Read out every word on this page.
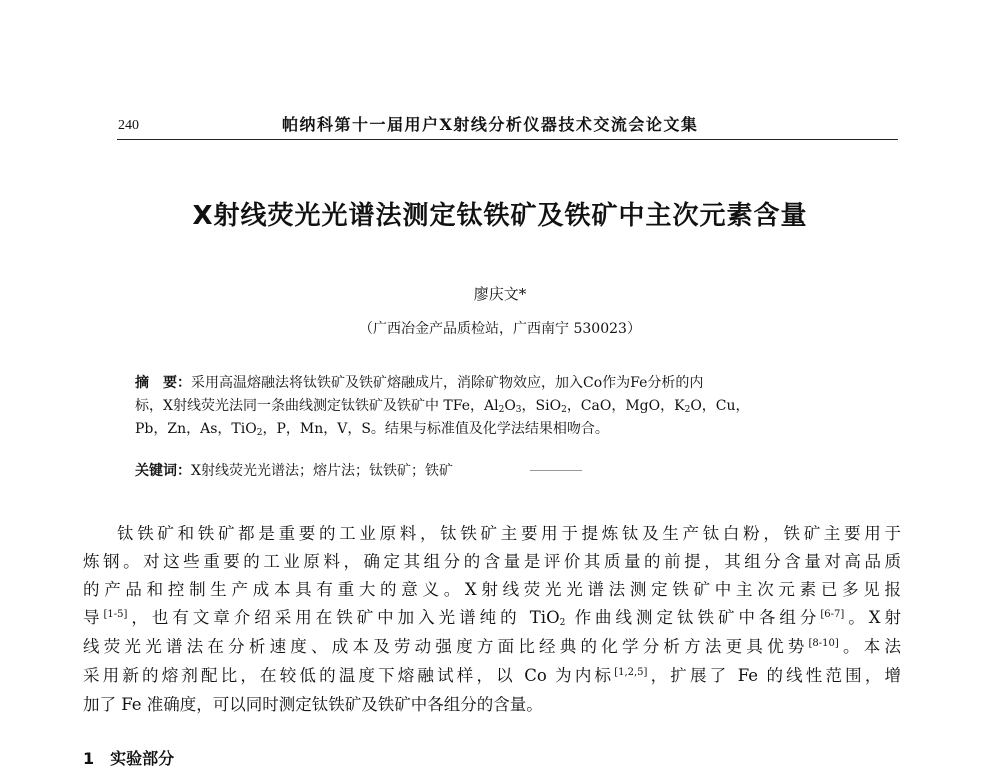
240	帕纳科第十一届用户X射线分析仪器技术交流会论文集
X射线荧光光谱法测定钛铁矿及铁矿中主次元素含量
廖庆文*
（广西冶金产品质检站，广西南宁 530023）
摘　要：采用高温熔融法将钛铁矿及铁矿熔融成片，消除矿物效应，加入Co作为Fe分析的内
标，X射线荧光法同一条曲线测定钛铁矿及铁矿中 TFe，$Al_2O_3$，SiO$_2$，CaO，MgO，$K_2O$，Cu，
Pb，Zn，As，TiO$_2$，P，Mn，V，S。结果与标准值及化学法结果相吻合。
关键词：X射线荧光光谱法；熔片法；钛铁矿；铁矿
钛铁矿和铁矿都是重要的工业原料，钛铁矿主要用于提炼钛及生产钛白粉，铁矿主要用于
炼钢。对这些重要的工业原料，确定其组分的含量是评价其质量的前提，其组分含量对高品质
的产品和控制生产成本具有重大的意义。X射线荧光光谱法测定铁矿中主次元素已多见报
导[1-5]，也有文章介绍采用在铁矿中加入光谱纯的 TiO$_2$ 作曲线测定钛铁矿中各组分[6-7]。X射
线荧光光谱法在分析速度、成本及劳动强度方面比经典的化学分析方法更具优势[8-10]。本法
采用新的熔剂配比，在较低的温度下熔融试样，以 Co 为内标[1,2,5]，扩展了 Fe 的线性范围，增
加了 Fe 准确度，可以同时测定钛铁矿及铁矿中各组分的含量。
1　实验部分
